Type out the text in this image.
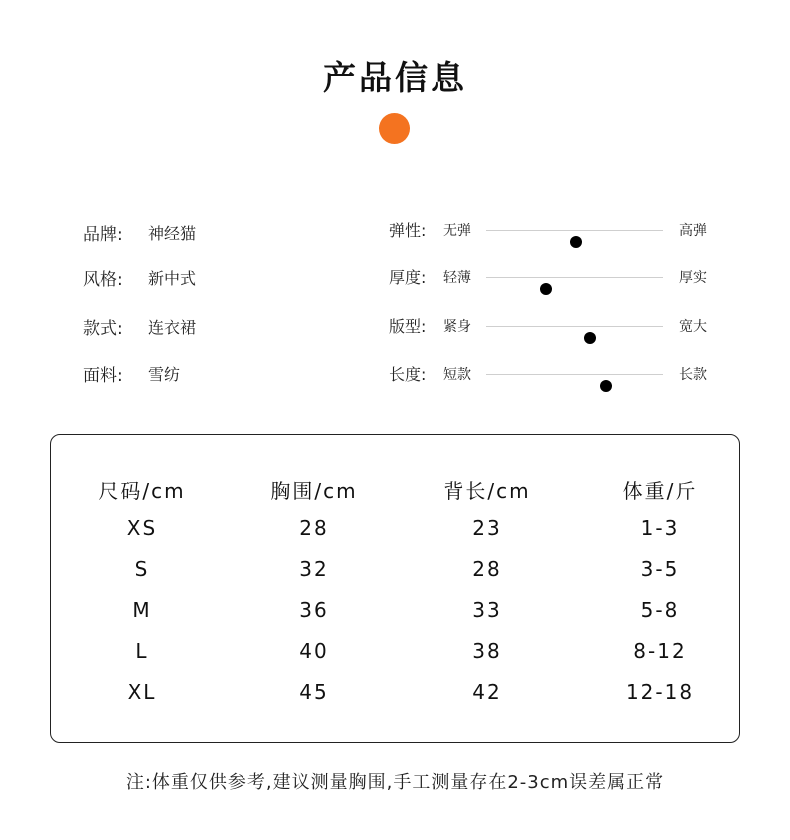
产品信息
品牌:	神经猫
风格:	新中式
款式:	连衣裙
面料:	雪纺
弹性: 无弹	高弹
厚度: 轻薄	厚实
版型: 紧身	宽大
长度: 短款	长款
尺码/cm	胸围/cm	背长/cm	体重/斤
XS	28	23	1-3
S	32	28	3-5
M	36	33	5-8
L	40	38	8-12
XL	45	42	12-18
注:体重仅供参考,建议测量胸围,手工测量存在2-3cm误差属正常
